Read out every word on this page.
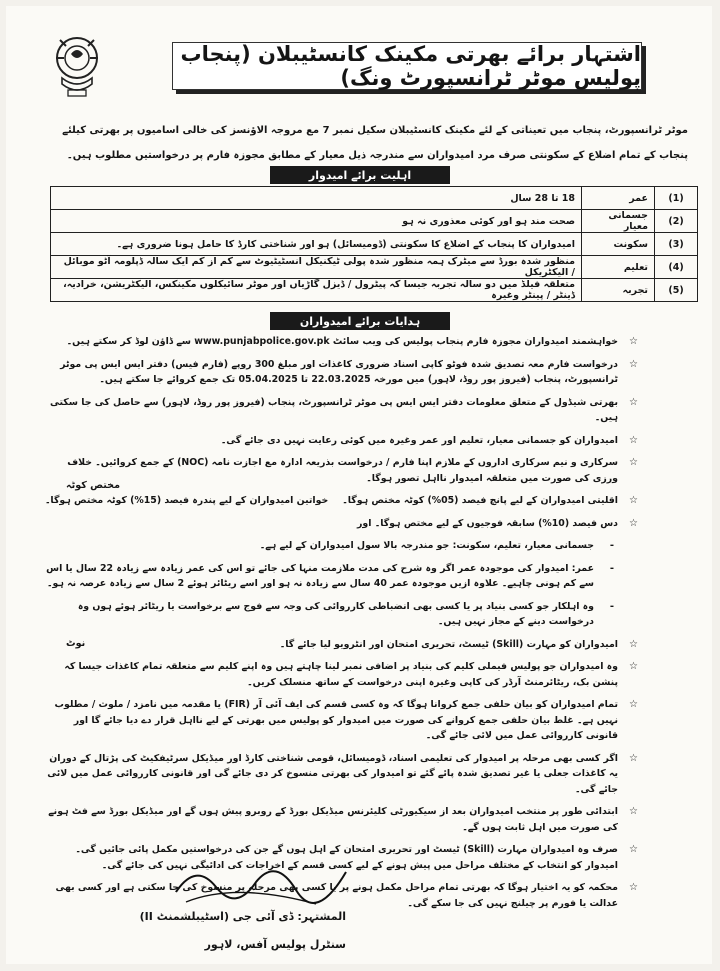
اشتہار برائے بھرتی مکینک کانسٹیبلان (پنجاب پولیس موٹر ٹرانسپورٹ ونگ)
موٹر ٹرانسپورٹ، پنجاب میں تعیناتی کے لئے مکینک کانسٹیبلان سکیل نمبر 7 مع مروجہ الاؤنسز کی خالی اسامیوں پر بھرتی کیلئے پنجاب کے تمام اضلاع کے سکونتی صرف مرد امیدواران سے مندرجہ ذیل معیار کے مطابق مجوزہ فارم پر درخواستیں مطلوب ہیں۔
اہلیت برائے امیدوار
(1)	عمر	18 تا 28 سال
(2)	جسمانی معیار	صحت مند ہو اور کوئی معذوری نہ ہو
(3)	سکونت	امیدواران کا پنجاب کے اضلاع کا سکونتی (ڈومیسائل) ہو اور شناختی کارڈ کا حامل ہونا ضروری ہے۔
(4)	تعلیم	منظور شدہ بورڈ سے میٹرک ہمہ منظور شدہ پولی ٹیکنیکل انسٹیٹیوٹ سے کم از کم ایک سالہ ڈپلومہ آٹو موبائل / الیکٹریکل
(5)	تجربہ	متعلقہ فیلڈ میں دو سالہ تجربہ جیسا کہ پیٹرول / ڈیزل گاڑیاں اور موٹر سائیکلوں مکینکس، الیکٹریشن، خرادیہ، ڈینٹر / پینٹر وغیرہ
ہدایات برائے امیدواران
☆
خواہشمند امیدواران مجوزہ فارم پنجاب پولیس کی ویب سائٹ www.punjabpolice.gov.pk سے ڈاؤن لوڈ کر سکتے ہیں۔
☆
درخواست فارم معہ تصدیق شدہ فوٹو کاپی اسناد ضروری کاغذات اور مبلغ 300 روپے (فارم فیس) دفتر ایس ایس پی موٹر ٹرانسپورٹ، پنجاب (فیروز پور روڈ، لاہور) میں مورخہ 22.03.2025 تا 05.04.2025 تک جمع کروائے جا سکتے ہیں۔
☆
بھرتی شیڈول کے متعلق معلومات دفتر ایس ایس پی موٹر ٹرانسپورٹ، پنجاب (فیروز پور روڈ، لاہور) سے حاصل کی جا سکتی ہیں۔
☆
امیدواران کو جسمانی معیار، تعلیم اور عمر وغیرہ میں کوئی رعایت نہیں دی جائے گی۔
☆
سرکاری و نیم سرکاری اداروں کے ملازم اپنا فارم / درخواست بذریعہ ادارہ مع اجازت نامہ (NOC) کے جمع کروائیں۔ خلاف ورزی کی صورت میں متعلقہ امیدوار نااہل تصور ہوگا۔
☆
اقلیتی امیدواران کے لیے پانچ فیصد (05%) کوٹہ مختص ہوگا۔خواتین امیدواران کے لیے پندرہ فیصد (15%) کوٹہ مختص ہوگا۔
☆
دس فیصد (10%) سابقہ فوجیوں کے لیے مختص ہوگا۔ اور
-
جسمانی معیار، تعلیم، سکونت: جو مندرجہ بالا سول امیدواران کے لیے ہے۔
-
عمر: امیدوار کی موجودہ عمر اگر وہ شرح کی مدت ملازمت منہا کی جائے تو اس کی عمر زیادہ سے زیادہ 22 سال یا اس سے کم ہونی چاہیے۔ علاوہ ازیں موجودہ عمر 40 سال سے زیادہ نہ ہو اور اسے ریٹائر ہوئے 2 سال سے زیادہ عرصہ نہ ہو۔
-
وہ اہلکار جو کسی بنیاد پر یا کسی بھی انضباطی کارروائی کی وجہ سے فوج سے برخواست یا ریٹائر ہوئے ہوں وہ درخواست دینے کے مجاز نہیں ہیں۔
☆
امیدواران کو مہارت (Skill) ٹیسٹ، تحریری امتحان اور انٹرویو لیا جائے گا۔
☆
وہ امیدواران جو پولیس فیملی کلیم کی بنیاد پر اضافی نمبر لینا چاہتے ہیں وہ اپنے کلیم سے متعلقہ تمام کاغذات جیسا کہ پنشن بک، ریٹائرمنٹ آرڈر کی کاپی وغیرہ اپنی درخواست کے ساتھ منسلک کریں۔
☆
تمام امیدواران کو بیان حلفی جمع کروانا ہوگا کہ وہ کسی قسم کی ایف آئی آر (FIR) یا مقدمہ میں نامزد / ملوث / مطلوب نہیں ہے۔ غلط بیان حلفی جمع کروانے کی صورت میں امیدوار کو پولیس میں بھرتی کے لیے نااہل قرار دے دیا جائے گا اور قانونی کارروائی عمل میں لائی جائے گی۔
☆
اگر کسی بھی مرحلہ پر امیدوار کی تعلیمی اسناد، ڈومیسائل، قومی شناختی کارڈ اور میڈیکل سرٹیفکیٹ کی پڑتال کے دوران یہ کاغذات جعلی یا غیر تصدیق شدہ پائے گئے تو امیدوار کی بھرتی منسوخ کر دی جائے گی اور قانونی کارروائی عمل میں لائی جائے گی۔
☆
ابتدائی طور پر منتخب امیدواران بعد از سیکیورٹی کلیئرنس میڈیکل بورڈ کے روبرو پیش ہوں گے اور میڈیکل بورڈ سے فٹ ہونے کی صورت میں اہل ثابت ہوں گے۔
☆
صرف وہ امیدواران مہارت (Skill) ٹیسٹ اور تحریری امتحان کے اہل ہوں گے جن کی درخواستیں مکمل پائی جائیں گی۔ امیدوار کو انتخاب کے مختلف مراحل میں پیش ہونے کے لیے کسی قسم کے اخراجات کی ادائیگی نہیں کی جائے گی۔
☆
محکمہ کو یہ اختیار ہوگا کہ بھرتی تمام مراحل مکمل ہونے پر یا کسی بھی مرحلہ پر منسوخ کی جا سکتی ہے اور کسی بھی عدالت یا فورم پر چیلنج نہیں کی جا سکے گی۔
مختص کوٹہ
نوٹ
المشتہر: ڈی آئی جی (اسٹیبلشمنٹ II)
سنٹرل پولیس آفس، لاہور
